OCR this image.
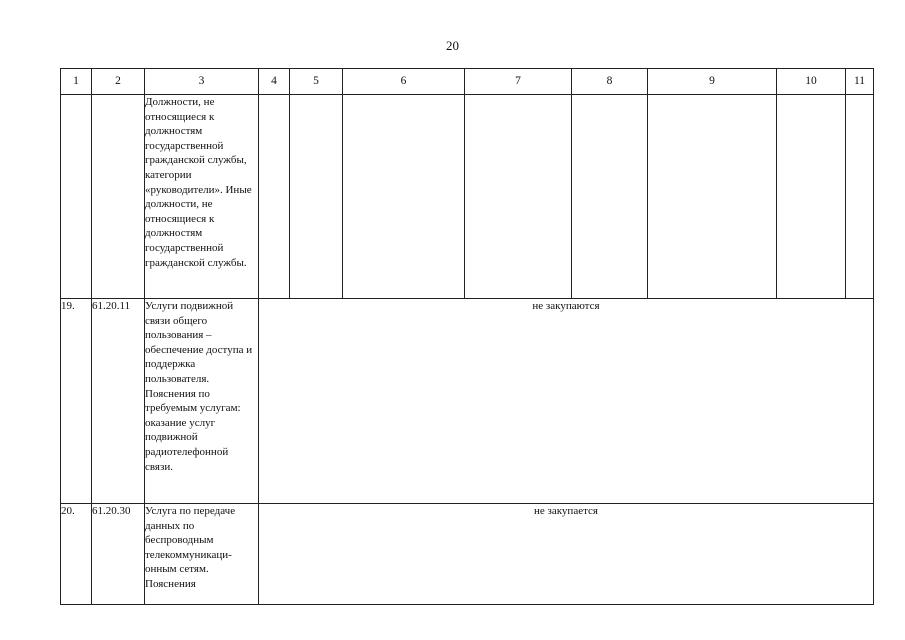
20
1	2	3	4	5	6	7	8	9	10	11
		Должности, не относящиеся к должностям государственной гражданской службы, категории «руководители». Иные должности, не относящиеся к должностям государственной гражданской службы.								
19.	61.20.11	Услуги подвижной связи общего пользования – обеспечение доступа и поддержка пользователя. Пояснения по требуемым услугам: оказание услуг подвижной радиотелефонной связи.	не закупаются							
20.	61.20.30	Услуга по передаче данных по беспроводным телекоммуникаци-онным сетям. Пояснения	не закупается							
